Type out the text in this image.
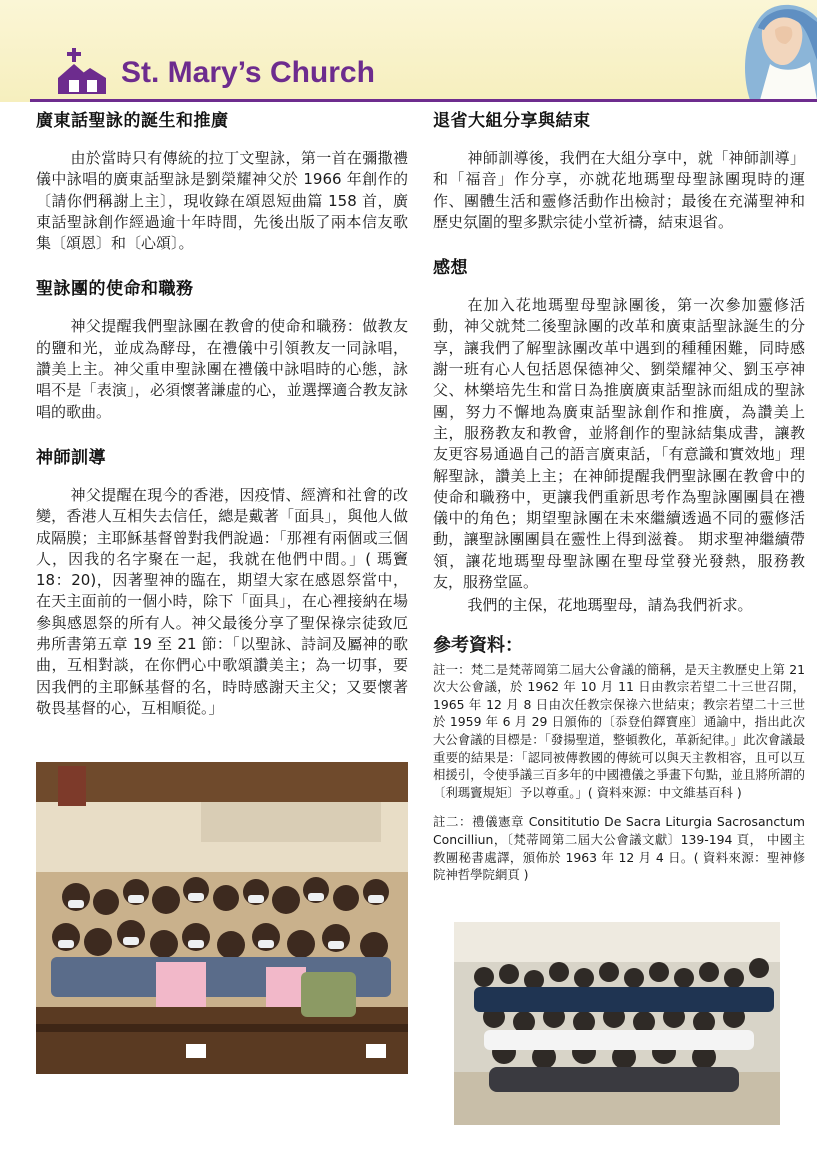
St. Mary’s Church
廣東話聖詠的誕生和推廣

由於當時只有傳統的拉丁文聖詠，第一首在彌撒禮儀中詠唱的廣東話聖詠是劉榮耀神父於 1966 年創作的〔請你們稱謝上主〕，現收錄在頌恩短曲篇 158 首，廣東話聖詠創作經過逾十年時間，先後出版了兩本信友歌集〔頌恩〕和〔心頌〕。

聖詠團的使命和職務

神父提醒我們聖詠團在教會的使命和職務：做教友的鹽和光，並成為酵母，在禮儀中引領教友一同詠唱，讚美上主。神父重申聖詠團在禮儀中詠唱時的心態，詠唱不是「表演」，必須懷著謙虛的心，並選擇適合教友詠唱的歌曲。

神師訓導

神父提醒在現今的香港，因疫情、經濟和社會的改變，香港人互相失去信任，總是戴著「面具」，與他人做成隔膜；主耶穌基督曾對我們說過：「那裡有兩個或三個人，因我的名字聚在一起，我就在他們中間。」( 瑪竇 18：20)，因著聖神的臨在，期望大家在感恩祭當中，在天主面前的一個小時，除下「面具」，在心裡接納在場參與感恩祭的所有人。神父最後分享了聖保祿宗徒致厄弗所書第五章 19 至 21 節：「以聖詠、詩詞及屬神的歌曲，互相對談，在你們心中歌頌讚美主；為一切事，要因我們的主耶穌基督的名，時時感謝天主父；又要懷著敬畏基督的心，互相順從。」

退省大組分享與結束

神師訓導後，我們在大組分享中，就「神師訓導」和「福音」作分享，亦就花地瑪聖母聖詠團現時的運作、團體生活和靈修活動作出檢討；最後在充滿聖神和歷史氛圍的聖多默宗徒小堂祈禱，結束退省。

感想

在加入花地瑪聖母聖詠團後，第一次參加靈修活動，神父就梵二後聖詠團的改革和廣東話聖詠誕生的分享，讓我們了解聖詠團改革中遇到的種種困難，同時感謝一班有心人包括恩保德神父、劉榮耀神父、劉玉亭神父、林樂培先生和當日為推廣廣東話聖詠而組成的聖詠團，努力不懈地為廣東話聖詠創作和推廣，為讚美上主，服務教友和教會，並將創作的聖詠結集成書，讓教友更容易通過自己的語言廣東話，「有意識和實效地」理解聖詠，讚美上主；在神師提醒我們聖詠團在教會中的使命和職務中，更讓我們重新思考作為聖詠團團員在禮儀中的角色；期望聖詠團在未來繼續透過不同的靈修活動，讓聖詠團團員在靈性上得到滋養。 期求聖神繼續帶領，讓花地瑪聖母聖詠團在聖母堂發光發熱，服務教友，服務堂區。

我們的主保，花地瑪聖母，請為我們祈求。

參考資料：

註一：梵二是梵蒂岡第二屆大公會議的簡稱，是天主教歷史上第 21 次大公會議，於 1962 年 10 月 11 日由教宗若望二十三世召開，1965 年 12 月 8 日由次任教宗保祿六世結束；教宗若望二十三世於 1959 年 6 月 29 日頒佈的〔忝登伯鐸寶座〕通諭中，指出此次大公會議的目標是：「發揚聖道，整頓教化，革新紀律。」此次會議最重要的結果是：「認同被傳教國的傳統可以與天主教相容，且可以互相援引，令使爭議三百多年的中國禮儀之爭畫下句點，並且將所謂的〔利瑪竇規矩〕予以尊重。」( 資料來源：中文維基百科 )

註二：禮儀憲章 Consititutio De Sacra Liturgia Sacrosanctum Concilliun，〔梵蒂岡第二屆大公會議文獻〕139-194 頁， 中國主教團秘書處譯，頒佈於 1963 年 12 月 4 日。( 資料來源：聖神修院神哲學院網頁 )
